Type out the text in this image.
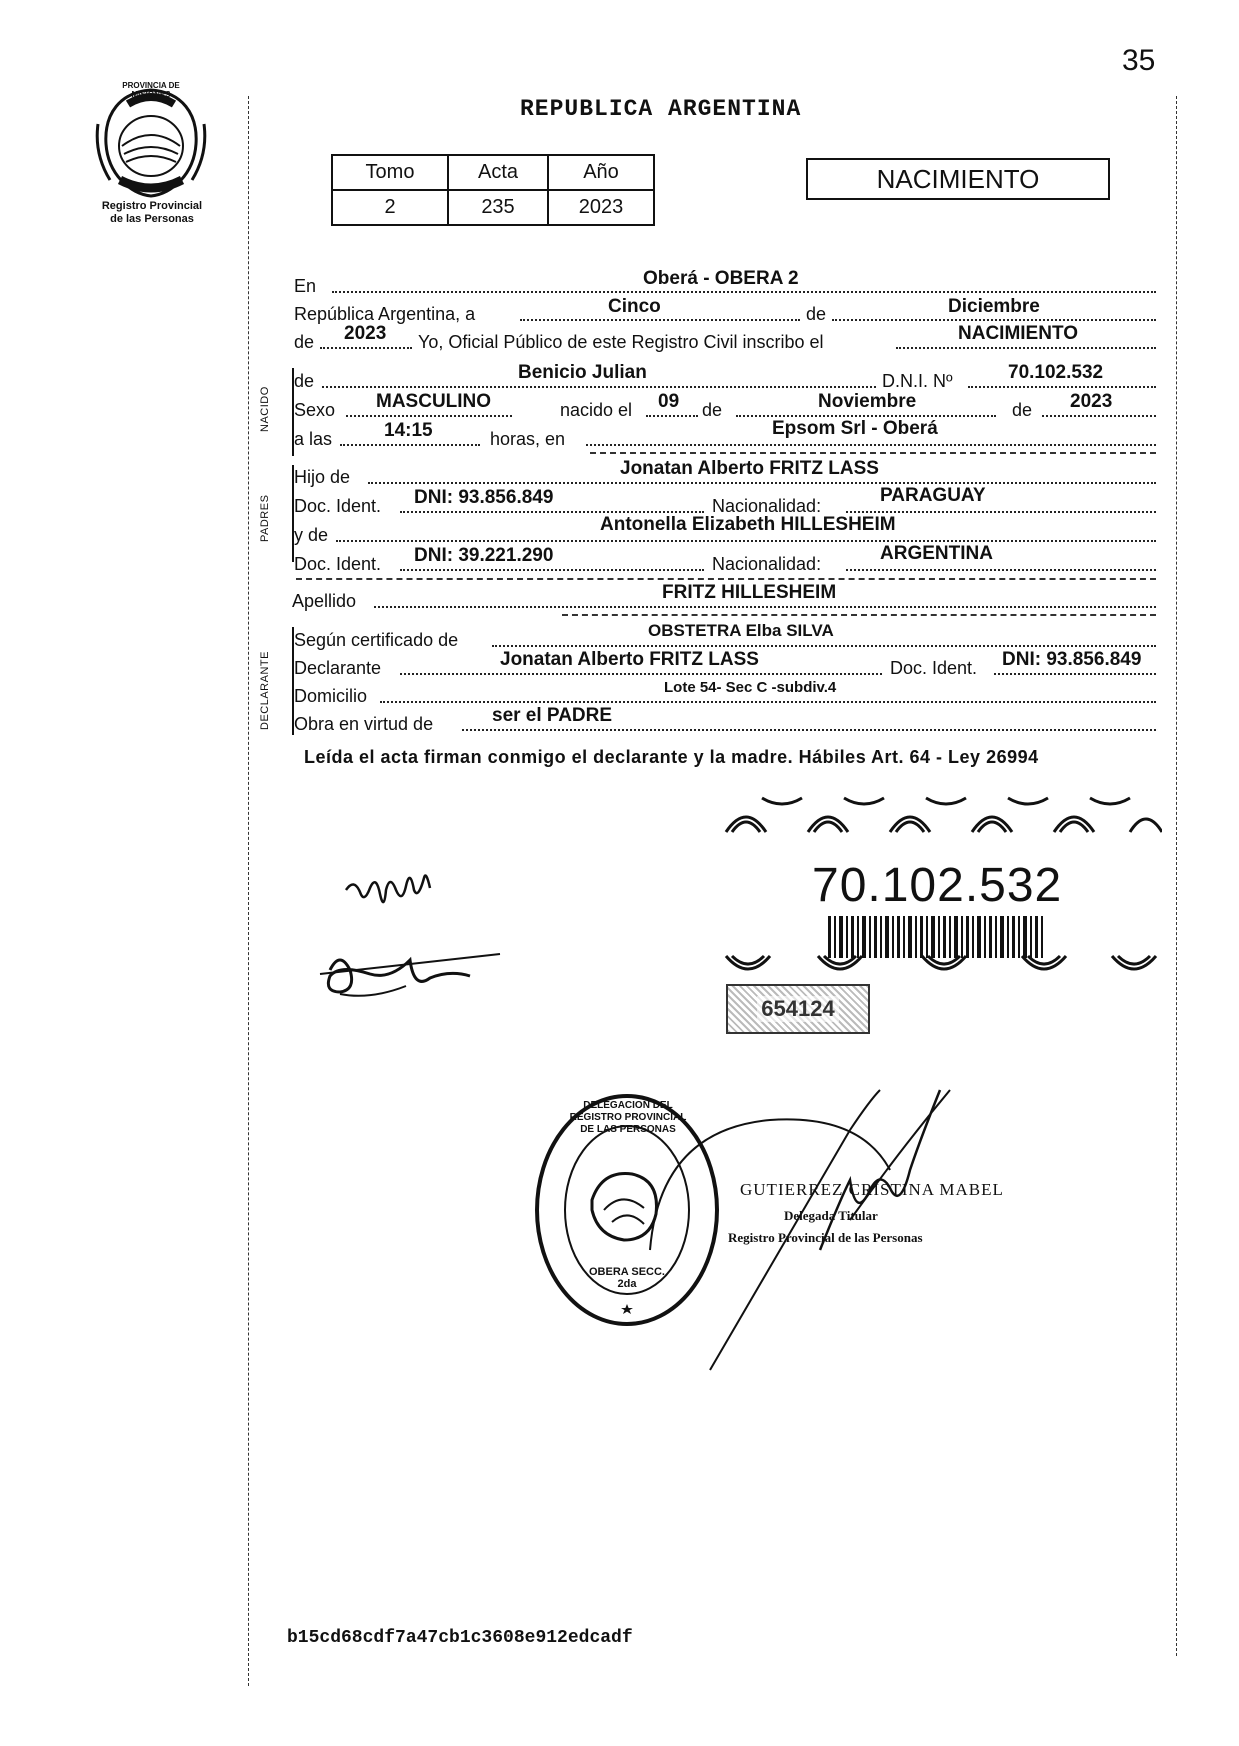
35
PROVINCIA DE MISIONES
Registro Provincial
de las Personas
REPUBLICA ARGENTINA
Tomo	Acta	Año
2	235	2023
NACIMIENTO
NACIDO
PADRES
DECLARANTE
En	Oberá - OBERA 2
República Argentina, a	Cinco	de	Diciembre
de 2023 Yo, Oficial Público de este Registro Civil inscribo el	NACIMIENTO
de	Benicio Julian	D.N.I. Nº	70.102.532
Sexo MASCULINO	nacido el 09 de	Noviembre	de 2023
a las	14:15	horas, en	Epsom Srl - Oberá
Hijo de	Jonatan Alberto FRITZ LASS
Doc. Ident. DNI: 93.856.849	Nacionalidad:	PARAGUAY
y de	Antonella Elizabeth HILLESHEIM
Doc. Ident. DNI: 39.221.290	Nacionalidad:	ARGENTINA
Apellido	FRITZ HILLESHEIM
Según certificado de	OBSTETRA Elba SILVA
Declarante	Jonatan Alberto FRITZ LASS	Doc. Ident. DNI: 93.856.849
Domicilio	Lote 54- Sec C -subdiv.4
Obra en virtud de	ser el PADRE
Leída el acta firman conmigo el declarante y la madre. Hábiles Art. 64 - Ley 26994
70.102.532
654124
DELEGACION DEL REGISTRO PROVINCIAL DE LAS PERSONAS
OBERA SECC. 2da
GUTIERREZ CRISTINA MABEL
Delegada Titular
Registro Provincial de las Personas
b15cd68cdf7a47cb1c3608e912edcadf
